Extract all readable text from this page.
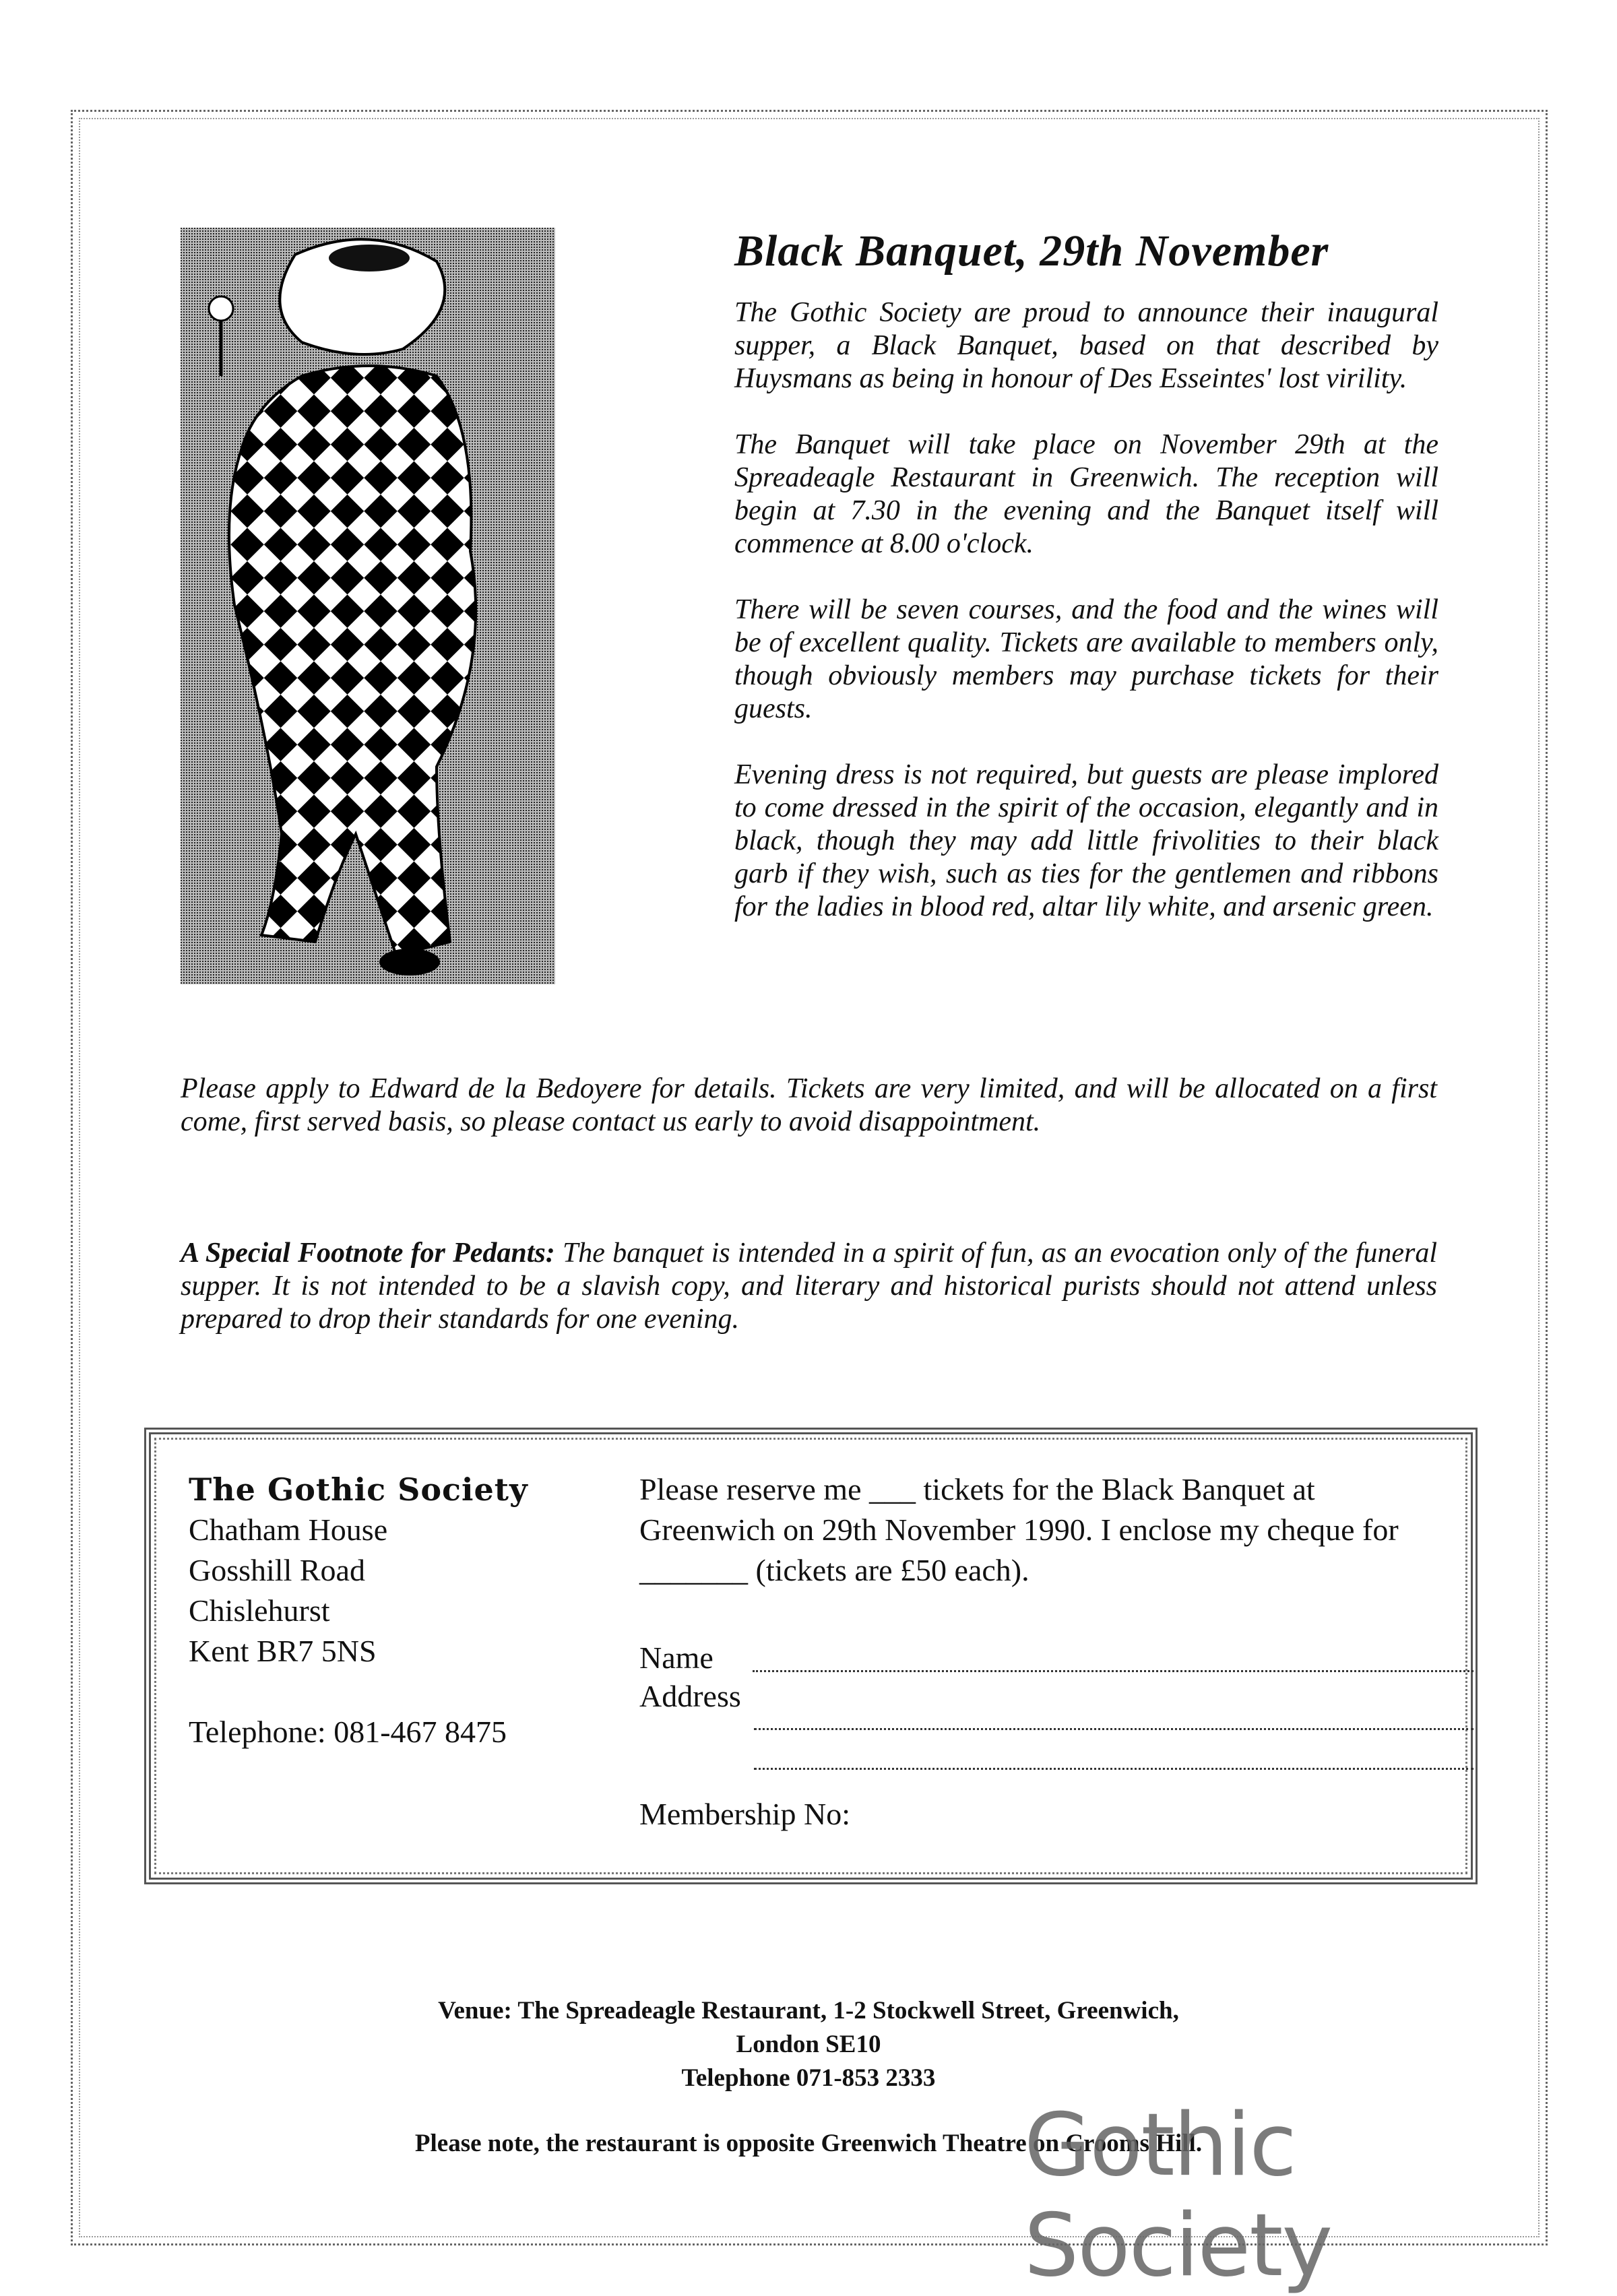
Black Banquet, 29th November

The Gothic Society are proud to announce their inaugural supper, a Black Banquet, based on that described by Huysmans as being in honour of Des Esseintes' lost virility.

The Banquet will take place on November 29th at the Spreadeagle Restaurant in Greenwich. The reception will begin at 7.30 in the evening and the Banquet itself will commence at 8.00 o'clock.

There will be seven courses, and the food and the wines will be of excellent quality. Tickets are available to members only, though obviously members may purchase tickets for their guests.

Evening dress is not required, but guests are please implored to come dressed in the spirit of the occasion, elegantly and in black, though they may add little frivolities to their black garb if they wish, such as ties for the gentlemen and ribbons for the ladies in blood red, altar lily white, and arsenic green.

Please apply to Edward de la Bedoyere for details. Tickets are very limited, and will be allocated on a first come, first served basis, so please contact us early to avoid disappointment.
A Special Footnote for Pedants: The banquet is intended in a spirit of fun, as an evocation only of the funeral supper. It is not intended to be a slavish copy, and literary and historical purists should not attend unless prepared to drop their standards for one evening.
The Gothic Society
Chatham House
Gosshill Road
Chislehurst
Kent BR7 5NS
Telephone: 081-467 8475
Please reserve me ___ tickets for the Black Banquet at Greenwich on 29th November 1990. I enclose my cheque for _______ (tickets are £50 each).
Name
Address
Membership No:
Venue: The Spreadeagle Restaurant, 1-2 Stockwell Street, Greenwich,
London SE10
Telephone 071-853 2333
Please note, the restaurant is opposite Greenwich Theatre on Crooms Hill.
Gothic Society
